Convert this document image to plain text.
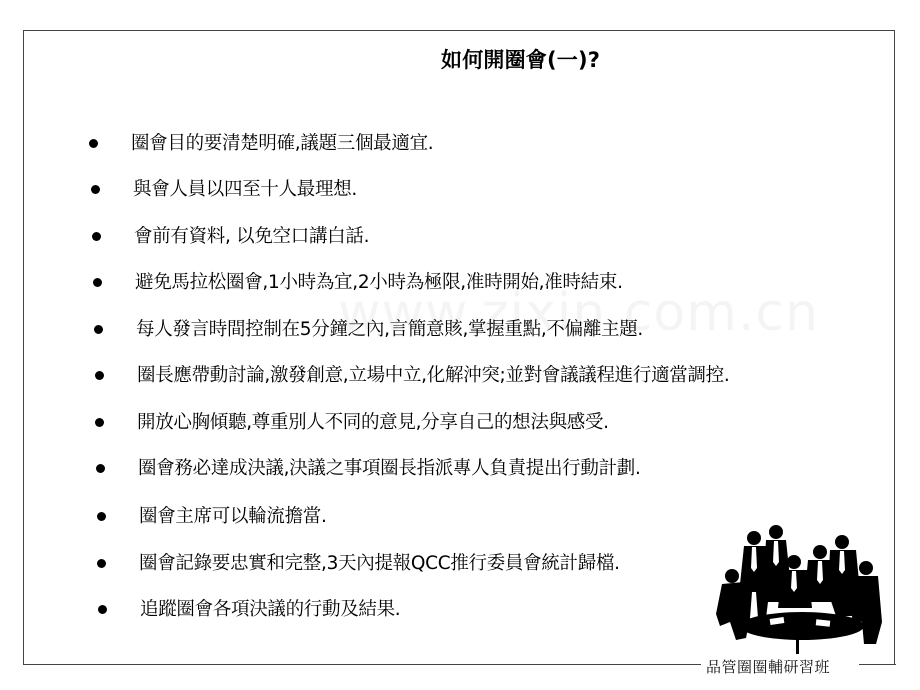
如何開圈會(一)?
圈會目的要清楚明確,議題三個最適宜.
與會人員以四至十人最理想.
會前有資料, 以免空口講白話.
避免馬拉松圈會,1小時為宜,2小時為極限,准時開始,准時結束.
每人發言時間控制在5分鐘之內,言簡意賅,掌握重點,不偏離主題.
圈長應帶動討論,激發創意,立場中立,化解沖突;並對會議議程進行適當調控.
開放心胸傾聽,尊重別人不同的意見,分享自己的想法與感受.
圈會務必達成決議,決議之事項圈長指派專人負責提出行動計劃.
圈會主席可以輪流擔當.
圈會記錄要忠實和完整,3天內提報QCC推行委員會統計歸檔.
追蹤圈會各項決議的行動及結果.
品管圈圈輔研習班
